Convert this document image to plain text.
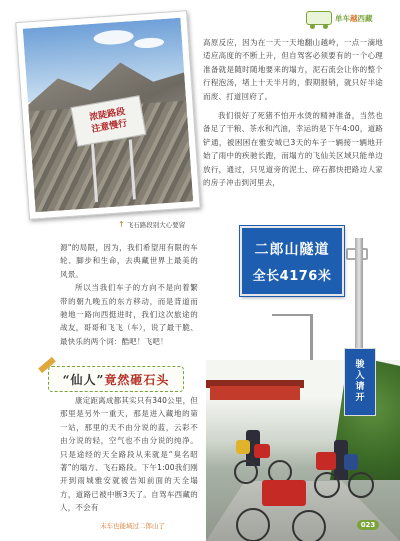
单车越西藏
浓陡路段
注意慢行
↑ 飞石路段别大心要留

高原反应，因为在一天一天地翻山越岭，一点一滴地适应高度的不断上升，但自驾客必须要有的一个心理准备就是随时随地要来的塌方，泥石流会让你的整个行程泡汤，堵上十天半月的，假期报销，就只好半途而废、打道回府了。

我们很好了死猪不怕开水烫的精神准备，当然也备足了干粮、茶水和汽油，幸运的是下午4:00，道路铲通，被困困在雅安城已3天的车子一辆接一辆地开始了雨中的疾驰长跑，而塌方的飞仙关区域只能单边放行，通过，只见道旁的泥土、碎石都快把路边人家的房子冲击到河里去，

二郎山隧道
全长4176米

源"的局限，因为，我们希望用有限的车轮、脚步和生命，去典藏世界上最美的风景。

所以当我们车子的方向不是向着繁带的朝九晚五的东方移动，而是背道而驰地一路向西挺进时，我们这次旅途的战友，哥哥和飞飞（车），说了最干脆、最快乐的两个词：酷吧！飞吧！

“仙人”竟然砸石头

康定距离成都其实只有340公里，但那里是另外一重天，那是进入藏地的第一站，那里的天不由分说的蓝，云彩不由分说的轻，空气也不由分说的纯净。只是途经的天全路段从来就是“臭名昭著”的塌方、飞石路段。下午1:00我们刚开到雨城雅安就被告知前面的天全塌方，道路已被中断3天了。自驾车西藏的人，不会有

骏
入
请
开
未车也能域过二郎山了	023
